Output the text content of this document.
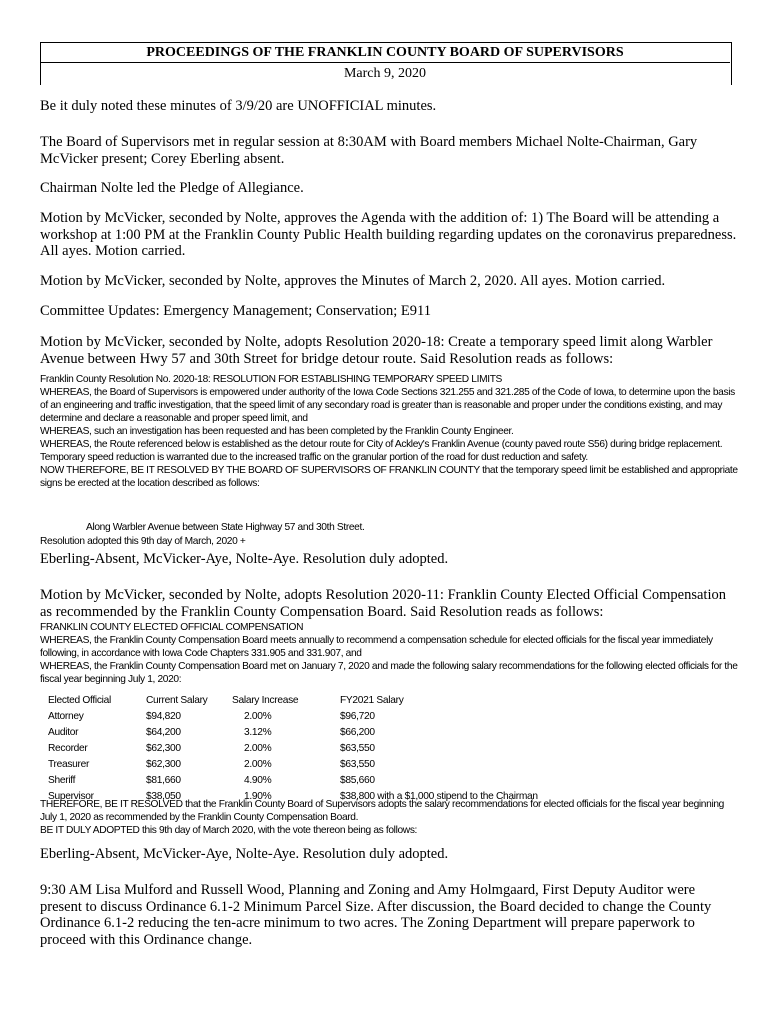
PROCEEDINGS OF THE FRANKLIN COUNTY BOARD OF SUPERVISORS
March 9, 2020

Be it duly noted these minutes of 3/9/20 are UNOFFICIAL minutes.

The Board of Supervisors met in regular session at 8:30AM with Board members Michael Nolte-Chairman, Gary McVicker present; Corey Eberling absent.

Chairman Nolte led the Pledge of Allegiance.

Motion by McVicker, seconded by Nolte, approves the Agenda with the addition of: 1) The Board will be attending a workshop at 1:00 PM at the Franklin County Public Health building regarding updates on the coronavirus preparedness. All ayes. Motion carried.

Motion by McVicker, seconded by Nolte, approves the Minutes of March 2, 2020. All ayes. Motion carried.

Committee Updates: Emergency Management; Conservation; E911

Motion by McVicker, seconded by Nolte, adopts Resolution 2020-18: Create a temporary speed limit along Warbler Avenue between Hwy 57 and 30th Street for bridge detour route. Said Resolution reads as follows:

Franklin County Resolution No. 2020-18: RESOLUTION FOR ESTABLISHING TEMPORARY SPEED LIMITS
WHEREAS, the Board of Supervisors is empowered under authority of the Iowa Code Sections 321.255 and 321.285 of the Code of Iowa, to determine upon the basis of an engineering and traffic investigation, that the speed limit of any secondary road is greater than is reasonable and proper under the conditions existing, and may determine and declare a reasonable and proper speed limit, and
WHEREAS, such an investigation has been requested and has been completed by the Franklin County Engineer.
WHEREAS, the Route referenced below is established as the detour route for City of Ackley's Franklin Avenue (county paved route S56) during bridge replacement. Temporary speed reduction is warranted due to the increased traffic on the granular portion of the road for dust reduction and safety.
NOW THEREFORE, BE IT RESOLVED BY THE BOARD OF SUPERVISORS OF FRANKLIN COUNTY that the temporary speed limit be established and appropriate signs be erected at the location described as follows:

Along Warbler Avenue between State Highway 57 and 30th Street.

Resolution adopted this 9th day of March, 2020 +

Eberling-Absent, McVicker-Aye, Nolte-Aye. Resolution duly adopted.

Motion by McVicker, seconded by Nolte, adopts Resolution 2020-11: Franklin County Elected Official Compensation as recommended by the Franklin County Compensation Board. Said Resolution reads as follows:

FRANKLIN COUNTY ELECTED OFFICIAL COMPENSATION
WHEREAS, the Franklin County Compensation Board meets annually to recommend a compensation schedule for elected officials for the fiscal year immediately following, in accordance with Iowa Code Chapters 331.905 and 331.907, and
WHEREAS, the Franklin County Compensation Board met on January 7, 2020 and made the following salary recommendations for the following elected officials for the fiscal year beginning July 1, 2020:

Elected Official	Current Salary	Salary Increase	FY2021 Salary
Attorney	$94,820	2.00%	$96,720
Auditor	$64,200	3.12%	$66,200
Recorder	$62,300	2.00%	$63,550
Treasurer	$62,300	2.00%	$63,550
Sheriff	$81,660	4.90%	$85,660
Supervisor	$38,050	1.90%	$38,800 with a $1,000 stipend to the Chairman

THEREFORE, BE IT RESOLVED that the Franklin County Board of Supervisors adopts the salary recommendations for elected officials for the fiscal year beginning July 1, 2020 as recommended by the Franklin County Compensation Board.
BE IT DULY ADOPTED this 9th day of March 2020, with the vote thereon being as follows:

Eberling-Absent, McVicker-Aye, Nolte-Aye. Resolution duly adopted.

9:30 AM Lisa Mulford and Russell Wood, Planning and Zoning and Amy Holmgaard, First Deputy Auditor were present to discuss Ordinance 6.1-2 Minimum Parcel Size. After discussion, the Board decided to change the County Ordinance 6.1-2 reducing the ten-acre minimum to two acres. The Zoning Department will prepare paperwork to proceed with this Ordinance change.
